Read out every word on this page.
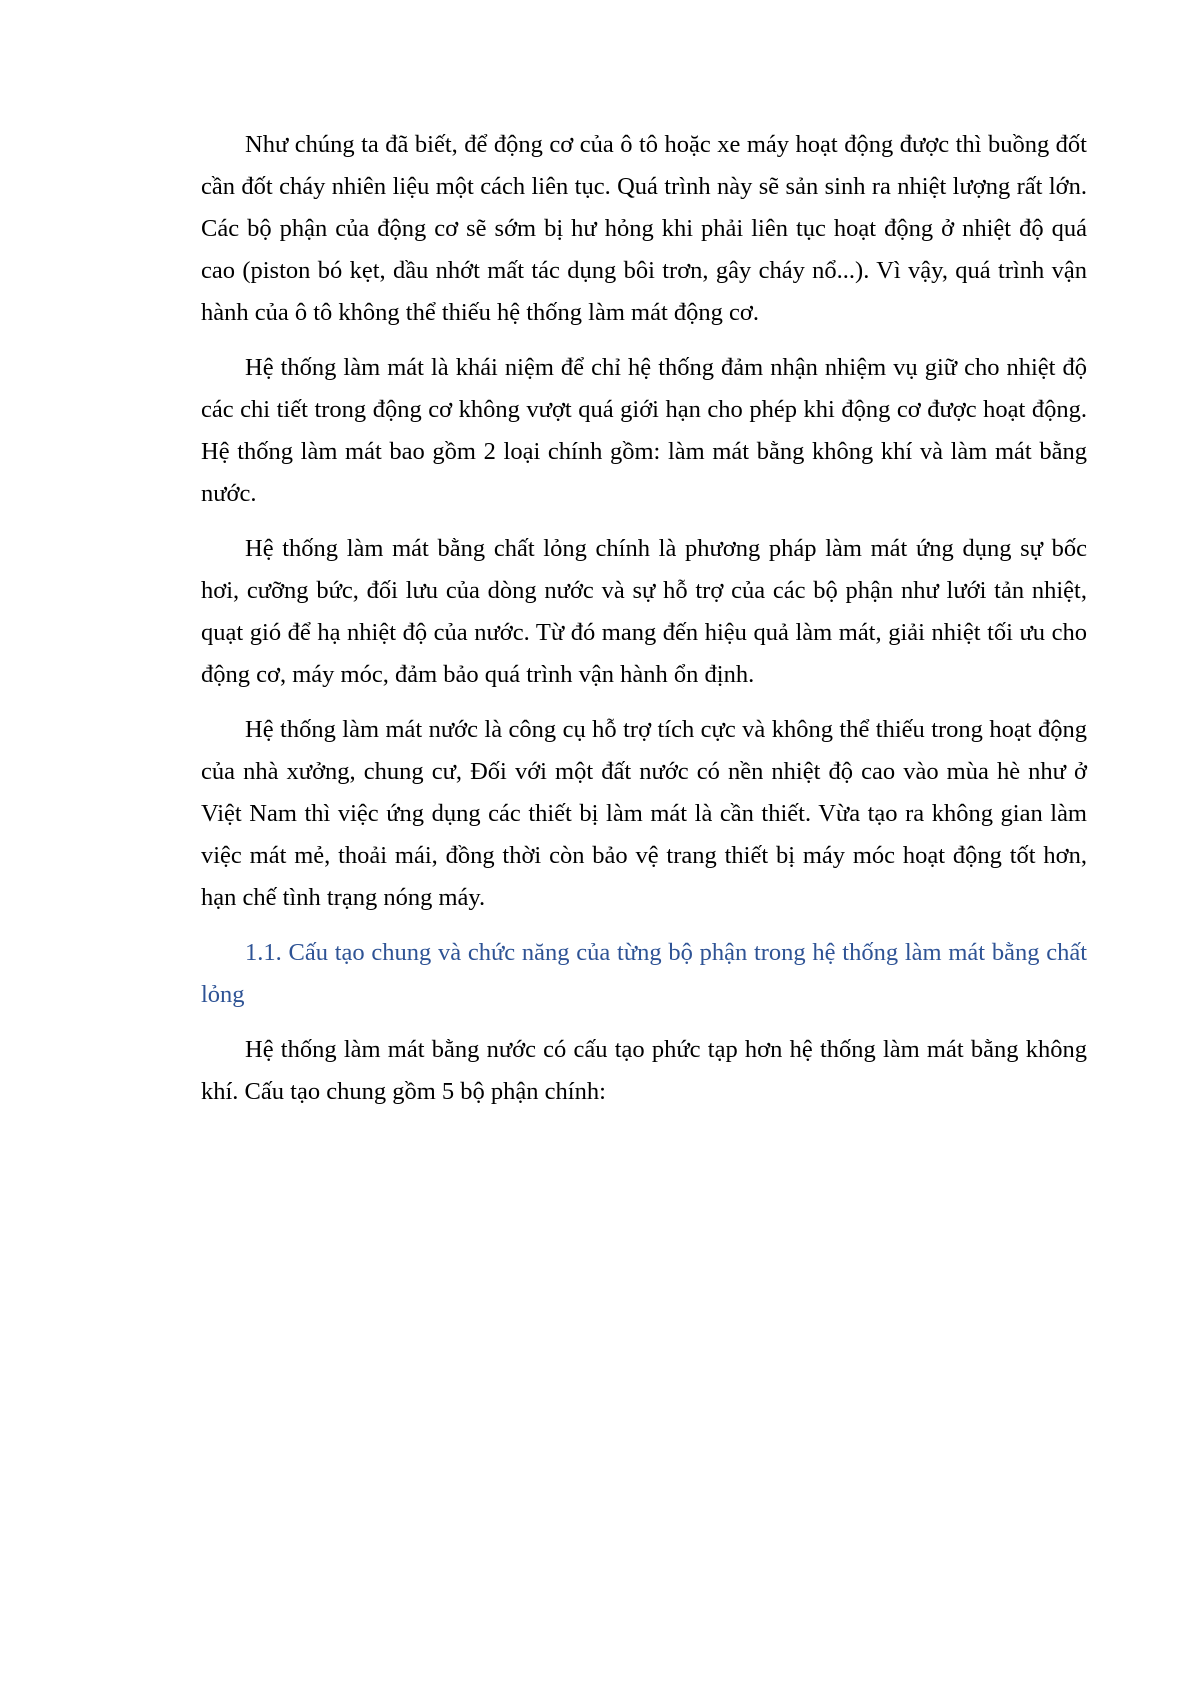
Như chúng ta đã biết, để động cơ của ô tô hoặc xe máy hoạt động được thì buồng đốt cần đốt cháy nhiên liệu một cách liên tục. Quá trình này sẽ sản sinh ra nhiệt lượng rất lớn. Các bộ phận của động cơ sẽ sớm bị hư hỏng khi phải liên tục hoạt động ở nhiệt độ quá cao (piston bó kẹt, dầu nhớt mất tác dụng bôi trơn, gây cháy nổ...). Vì vậy, quá trình vận hành của ô tô không thể thiếu hệ thống làm mát động cơ.

Hệ thống làm mát là khái niệm để chỉ hệ thống đảm nhận nhiệm vụ giữ cho nhiệt độ các chi tiết trong động cơ không vượt quá giới hạn cho phép khi động cơ được hoạt động. Hệ thống làm mát bao gồm 2 loại chính gồm: làm mát bằng không khí và làm mát bằng nước.

Hệ thống làm mát bằng chất lỏng chính là phương pháp làm mát ứng dụng sự bốc hơi, cưỡng bức, đối lưu của dòng nước và sự hỗ trợ của các bộ phận như lưới tản nhiệt, quạt gió để hạ nhiệt độ của nước. Từ đó mang đến hiệu quả làm mát, giải nhiệt tối ưu cho động cơ, máy móc, đảm bảo quá trình vận hành ổn định.

Hệ thống làm mát nước là công cụ hỗ trợ tích cực và không thể thiếu trong hoạt động của nhà xưởng, chung cư, Đối với một đất nước có nền nhiệt độ cao vào mùa hè như ở Việt Nam thì việc ứng dụng các thiết bị làm mát là cần thiết. Vừa tạo ra không gian làm việc mát mẻ, thoải mái, đồng thời còn bảo vệ trang thiết bị máy móc hoạt động tốt hơn, hạn chế tình trạng nóng máy.

1.1. Cấu tạo chung và chức năng của từng bộ phận trong hệ thống làm mát bằng chất lỏng

Hệ thống làm mát bằng nước có cấu tạo phức tạp hơn hệ thống làm mát bằng không khí. Cấu tạo chung gồm 5 bộ phận chính:
